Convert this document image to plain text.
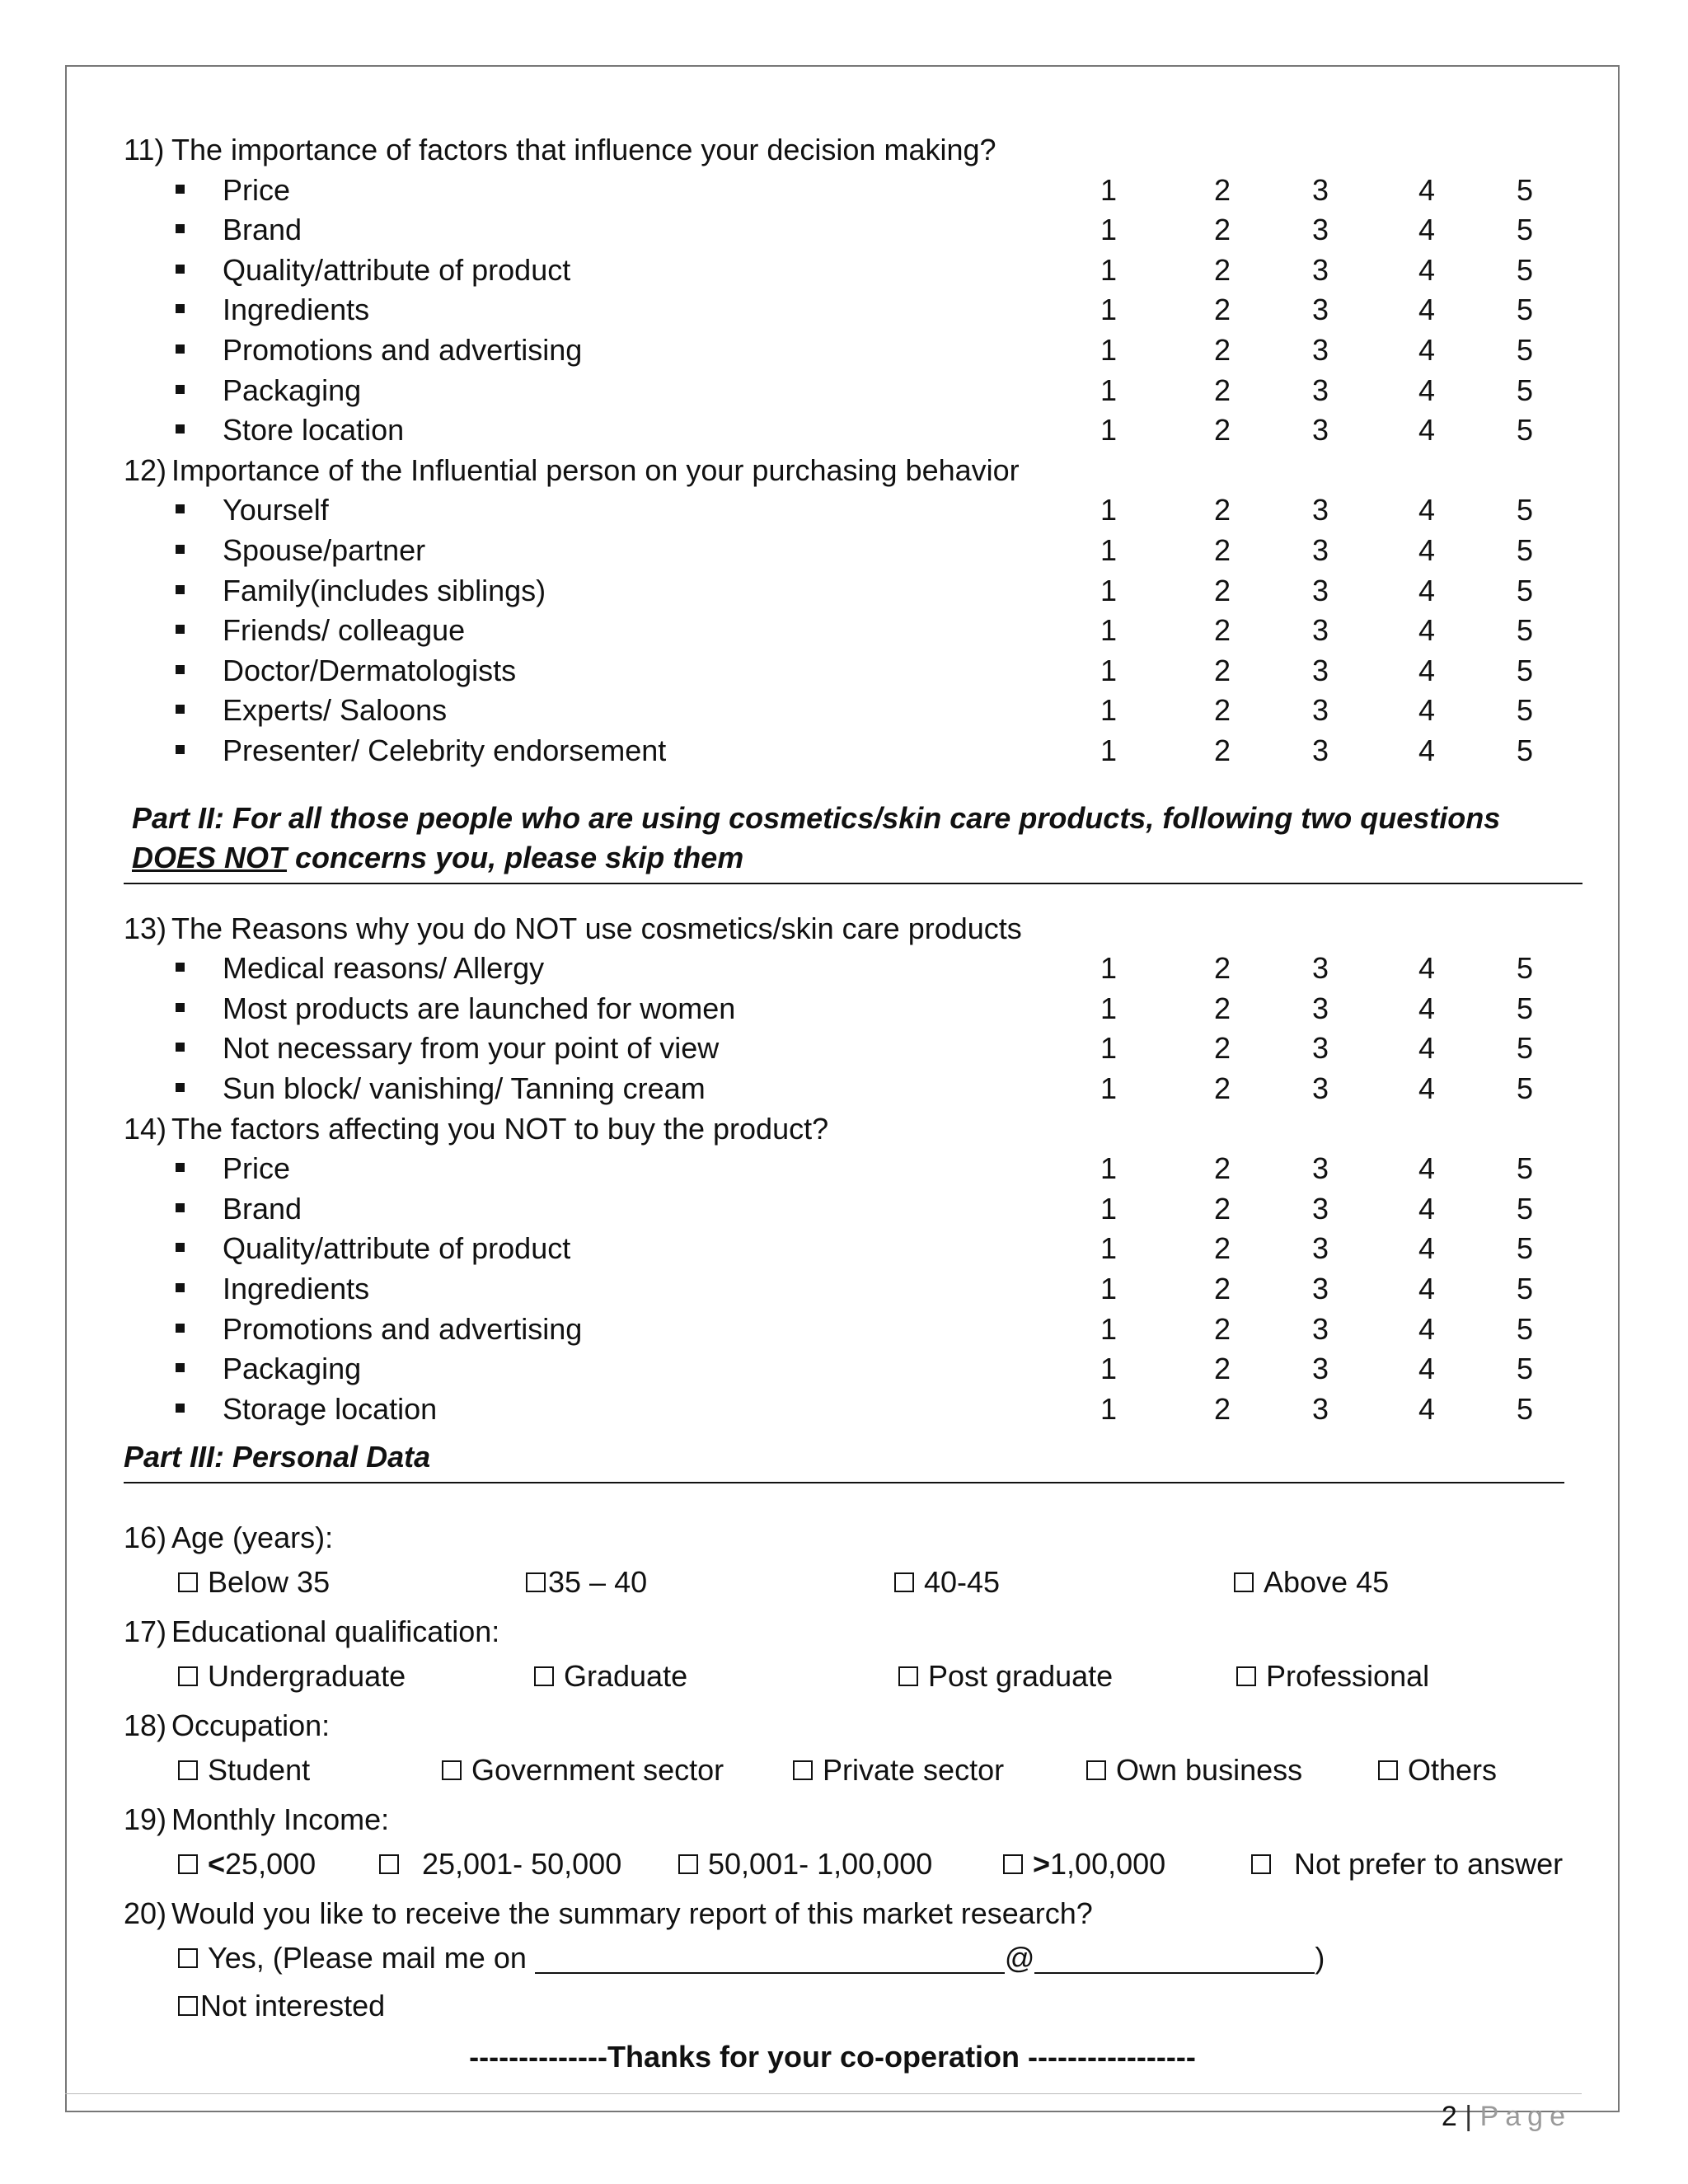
11) The importance of factors that influence your decision making?
Price	1	2	3	4	5
Brand	1	2	3	4	5
Quality/attribute of product	1	2	3	4	5
Ingredients	1	2	3	4	5
Promotions and advertising	1	2	3	4	5
Packaging	1	2	3	4	5
Store location	1	2	3	4	5
12) Importance of the Influential person on your purchasing behavior
Yourself	1	2	3	4	5
Spouse/partner	1	2	3	4	5
Family(includes siblings)	1	2	3	4	5
Friends/ colleague	1	2	3	4	5
Doctor/Dermatologists	1	2	3	4	5
Experts/ Saloons	1	2	3	4	5
Presenter/ Celebrity endorsement	1	2	3	4	5
Part II: For all those people who are using cosmetics/skin care products, following two questions
DOES NOT concerns you, please skip them
13) The Reasons why you do NOT use cosmetics/skin care products
Medical reasons/ Allergy	1	2	3	4	5
Most products are launched for women	1	2	3	4	5
Not necessary from your point of view	1	2	3	4	5
Sun block/ vanishing/ Tanning cream	1	2	3	4	5
14) The factors affecting you NOT to buy the product?
Price	1	2	3	4	5
Brand	1	2	3	4	5
Quality/attribute of product	1	2	3	4	5
Ingredients	1	2	3	4	5
Promotions and advertising	1	2	3	4	5
Packaging	1	2	3	4	5
Storage location	1	2	3	4	5
Part III: Personal Data
16) Age (years):
Below 35	35 – 40	40-45	Above 45
17) Educational qualification:
Undergraduate	Graduate	Post graduate	Professional
18) Occupation:
Student	Government sector	Private sector	Own business	Others
19) Monthly Income:
< 25,000	25,001- 50,000	50,001- 1,00,000	> 1,00,000	Not prefer to answer
20) Would you like to receive the summary report of this market research?
Yes, (Please mail me on	@	)
Not interested
--------------Thanks for your co-operation -----------------
2 | Page
